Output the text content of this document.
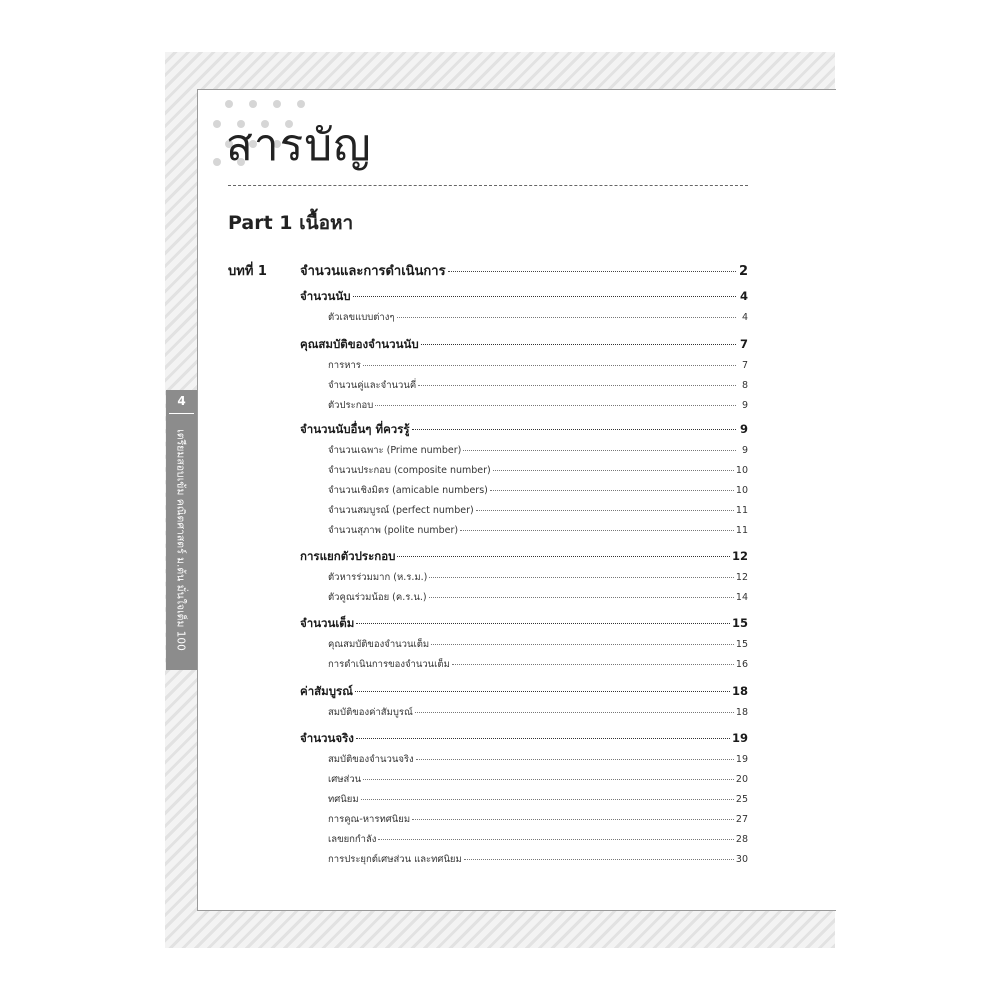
4
เตรียมสอบเข้ม คณิตศาสตร์ ม.ต้น มั่นใจเต็ม 100
สารบัญ
Part 1 เนื้อหา
บทที่ 1	จำนวนและการดำเนินการ	2
จำนวนนับ	4
ตัวเลขแบบต่างๆ	4
คุณสมบัติของจำนวนนับ	7
การหาร	7
จำนวนคู่และจำนวนคี่	8
ตัวประกอบ	9
จำนวนนับอื่นๆ ที่ควรรู้	9
จำนวนเฉพาะ (Prime number)	9
จำนวนประกอบ (composite number)	10
จำนวนเชิงมิตร (amicable numbers)	10
จำนวนสมบูรณ์ (perfect number)	11
จำนวนสุภาพ (polite number)	11
การแยกตัวประกอบ	12
ตัวหารร่วมมาก (ห.ร.ม.)	12
ตัวคูณร่วมน้อย (ค.ร.น.)	14
จำนวนเต็ม	15
คุณสมบัติของจำนวนเต็ม	15
การดำเนินการของจำนวนเต็ม	16
ค่าสัมบูรณ์	18
สมบัติของค่าสัมบูรณ์	18
จำนวนจริง	19
สมบัติของจำนวนจริง	19
เศษส่วน	20
ทศนิยม	25
การคูณ-หารทศนิยม	27
เลขยกกำลัง	28
การประยุกต์เศษส่วน และทศนิยม	30
